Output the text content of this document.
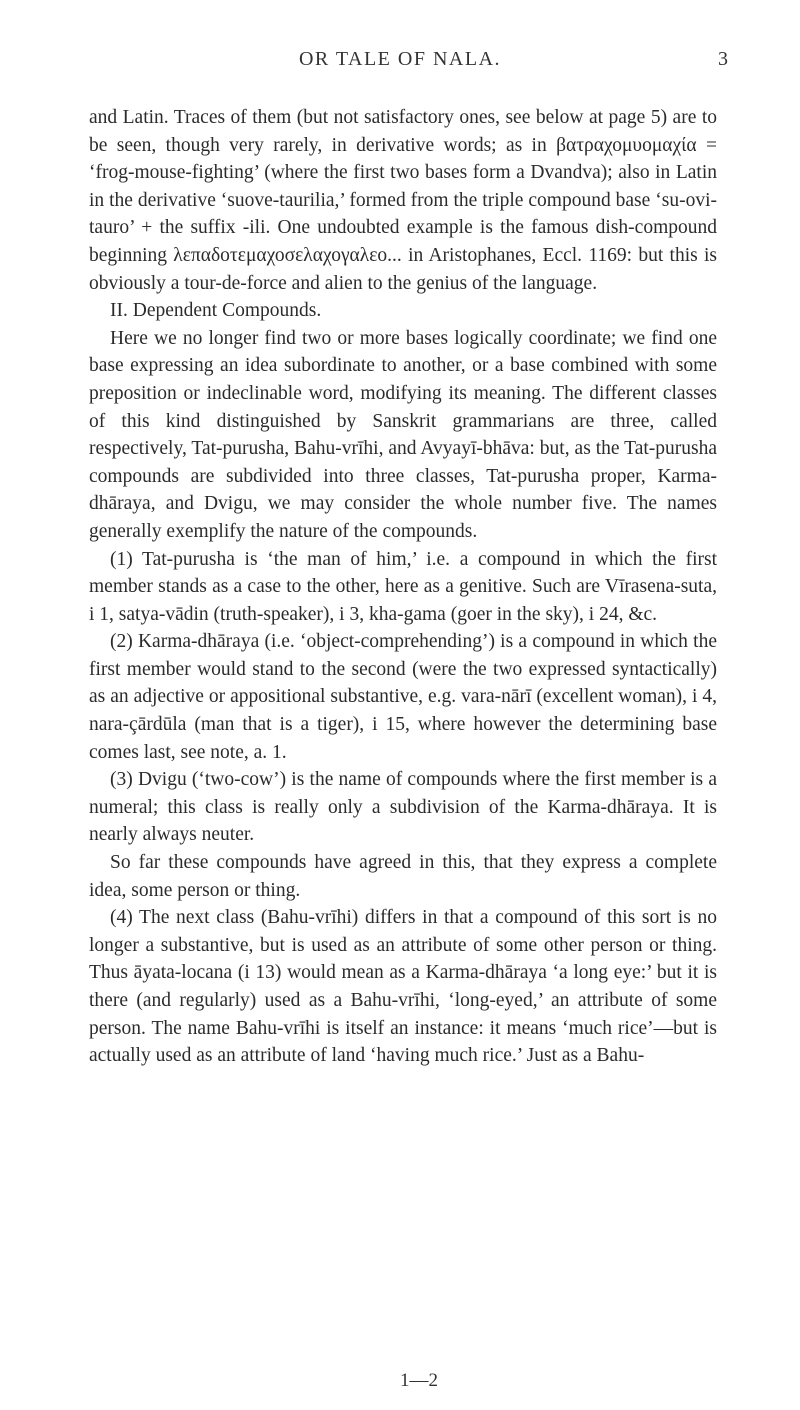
OR TALE OF NALA.	3

and Latin. Traces of them (but not satisfactory ones, see below at page 5) are to be seen, though very rarely, in derivative words; as in βατραχομυομαχία = ‘frog-mouse-fighting’ (where the first two bases form a Dvandva); also in Latin in the derivative ‘suove-taurilia,’ formed from the triple compound base ‘su-ovi-tauro’ + the suffix -ili. One undoubted example is the famous dish-compound beginning λεπαδοτεμαχοσελαχογαλεο... in Aristophanes, Eccl. 1169: but this is obviously a tour-de-force and alien to the genius of the language.

II. Dependent Compounds.

Here we no longer find two or more bases logically coordinate; we find one base expressing an idea subordinate to another, or a base combined with some preposition or indeclinable word, modifying its meaning. The different classes of this kind distinguished by Sanskrit grammarians are three, called respectively, Tat-purusha, Bahu-vrīhi, and Avyayī-bhāva: but, as the Tat-purusha compounds are subdivided into three classes, Tat-purusha proper, Karma-dhāraya, and Dvigu, we may consider the whole number five. The names generally exemplify the nature of the compounds.

(1) Tat-purusha is ‘the man of him,’ i.e. a compound in which the first member stands as a case to the other, here as a genitive. Such are Vīrasena-suta, i 1, satya-vādin (truth-speaker), i 3, kha-gama (goer in the sky), i 24, &c.

(2) Karma-dhāraya (i.e. ‘object-comprehending’) is a compound in which the first member would stand to the second (were the two expressed syntactically) as an adjective or appositional substantive, e.g. vara-nārī (excellent woman), i 4, nara-çārdūla (man that is a tiger), i 15, where however the determining base comes last, see note, a. 1.

(3) Dvigu (‘two-cow’) is the name of compounds where the first member is a numeral; this class is really only a subdivision of the Karma-dhāraya. It is nearly always neuter.

So far these compounds have agreed in this, that they express a complete idea, some person or thing.

(4) The next class (Bahu-vrīhi) differs in that a compound of this sort is no longer a substantive, but is used as an attribute of some other person or thing. Thus āyata-locana (i 13) would mean as a Karma-dhāraya ‘a long eye:’ but it is there (and regularly) used as a Bahu-vrīhi, ‘long-eyed,’ an attribute of some person. The name Bahu-vrīhi is itself an instance: it means ‘much rice’—but is actually used as an attribute of land ‘having much rice.’ Just as a Bahu-

1—2
